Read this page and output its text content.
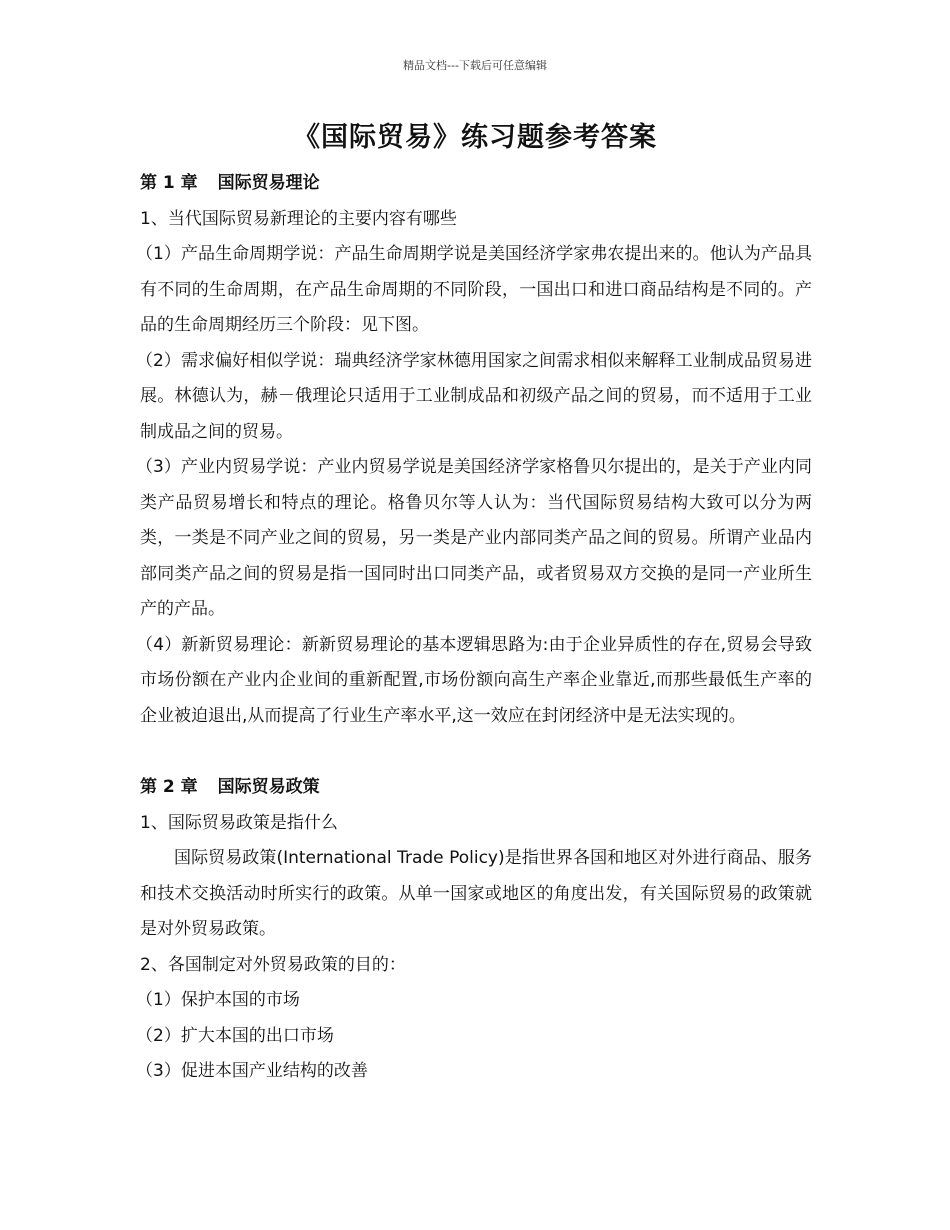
精品文档---下载后可任意编辑
《国际贸易》练习题参考答案

第 1 章 国际贸易理论

1、当代国际贸易新理论的主要内容有哪些

（1）产品生命周期学说：产品生命周期学说是美国经济学家弗农提出来的。他认为产品具有不同的生命周期，在产品生命周期的不同阶段，一国出口和进口商品结构是不同的。产品的生命周期经历三个阶段：见下图。

（2）需求偏好相似学说：瑞典经济学家林德用国家之间需求相似来解释工业制成品贸易进展。林德认为，赫－俄理论只适用于工业制成品和初级产品之间的贸易，而不适用于工业制成品之间的贸易。

（3）产业内贸易学说：产业内贸易学说是美国经济学家格鲁贝尔提出的，是关于产业内同类产品贸易增长和特点的理论。格鲁贝尔等人认为：当代国际贸易结构大致可以分为两类，一类是不同产业之间的贸易，另一类是产业内部同类产品之间的贸易。所谓产业品内部同类产品之间的贸易是指一国同时出口同类产品，或者贸易双方交换的是同一产业所生产的产品。

（4）新新贸易理论：新新贸易理论的基本逻辑思路为:由于企业异质性的存在,贸易会导致市场份额在产业内企业间的重新配置,市场份额向高生产率企业靠近,而那些最低生产率的企业被迫退出,从而提高了行业生产率水平,这一效应在封闭经济中是无法实现的。

第 2 章 国际贸易政策

1、国际贸易政策是指什么

国际贸易政策(International Trade Policy)是指世界各国和地区对外进行商品、服务和技术交换活动时所实行的政策。从单一国家或地区的角度出发，有关国际贸易的政策就是对外贸易政策。

2、各国制定对外贸易政策的目的：

（1）保护本国的市场

（2）扩大本国的出口市场

（3）促进本国产业结构的改善
